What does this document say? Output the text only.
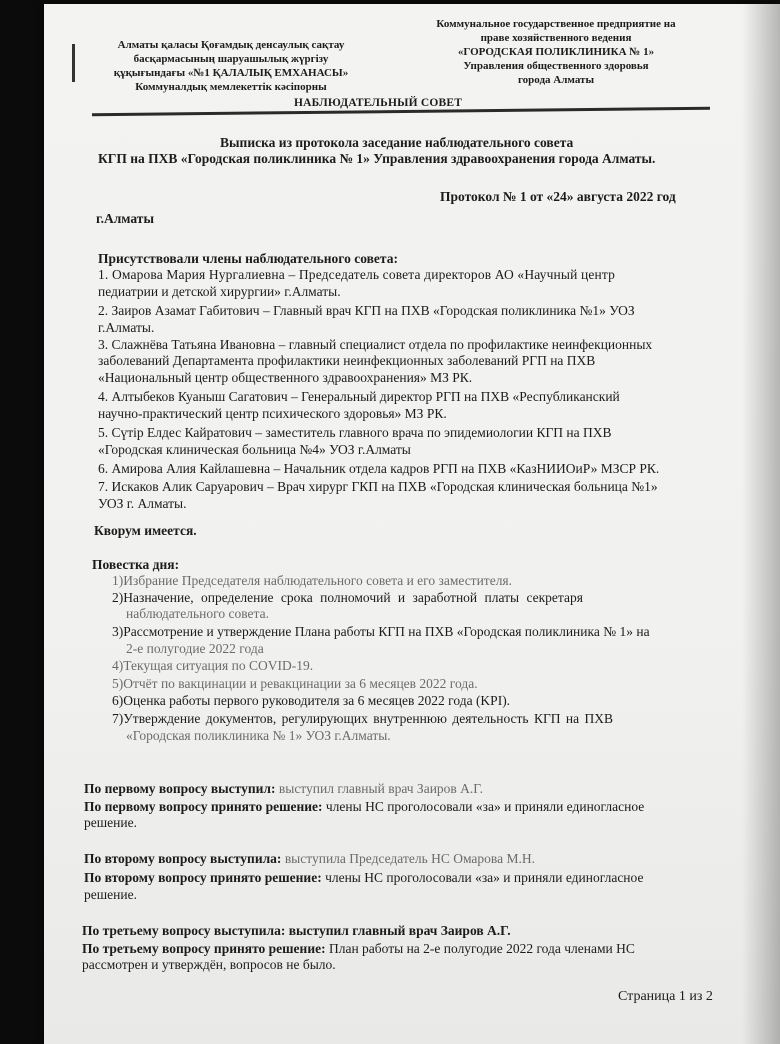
Алматы қаласы Қоғамдық денсаулық сақтау
басқармасының шаруашылық жүргізу
құқығындағы «№1 ҚАЛАЛЫҚ ЕМХАНАСЫ»
Коммуналдық мемлекеттік кәсіпорны
Коммунальное государственное предприятие на
праве хозяйственного ведения
«ГОРОДСКАЯ ПОЛИКЛИНИКА № 1»
Управления общественного здоровья
города Алматы
НАБЛЮДАТЕЛЬНЫЙ СОВЕТ
Выписка из протокола заседание наблюдательного совета
КГП на ПХВ «Городская поликлиника № 1» Управления здравоохранения города Алматы.
Протокол № 1 от «24» августа 2022 год
г.Алматы
Присутствовали члены наблюдательного совета:
1. Омарова Мария Нургалиевна – Председатель совета директоров АО «Научный центр
педиатрии и детской хирургии» г.Алматы.
2. Заиров Азамат Габитович – Главный врач КГП на ПХВ «Городская поликлиника №1» УОЗ
г.Алматы.
3. Слажнёва Татьяна Ивановна – главный специалист отдела по профилактике неинфекционных
заболеваний Департамента профилактики неинфекционных заболеваний РГП на ПХВ
«Национальный центр общественного здравоохранения» МЗ РК.
4. Алтыбеков Куаныш Сагатович – Генеральный директор РГП на ПХВ «Республиканский
научно-практический центр психического здоровья» МЗ РК.
5. Сүтір Елдес Кайратович – заместитель главного врача по эпидемиологии КГП на ПХВ
«Городская клиническая больница №4» УОЗ г.Алматы
6. Амирова Алия Кайлашевна – Начальник отдела кадров РГП на ПХВ «КазНИИОиР» МЗСР РК.
7. Искаков Алик Саруарович – Врач хирург ГКП на ПХВ «Городская клиническая больница №1»
УОЗ г. Алматы.
Кворум имеется.
Повестка дня:
1)Избрание Председателя наблюдательного совета и его заместителя.
2)Назначение, определение срока полномочий и заработной платы секретаря
наблюдательного совета.
3)Рассмотрение и утверждение Плана работы КГП на ПХВ «Городская поликлиника № 1» на
2-е полугодие 2022 года
4)Текущая ситуация по COVID-19.
5)Отчёт по вакцинации и ревакцинации за 6 месяцев 2022 года.
6)Оценка работы первого руководителя за 6 месяцев 2022 года (KPI).
7)Утверждение документов, регулирующих внутреннюю деятельность КГП на ПХВ
«Городская поликлиника № 1» УОЗ г.Алматы.
По первому вопросу выступил: выступил главный врач Заиров А.Г.
По первому вопросу принято решение: члены НС проголосовали «за» и приняли единогласное
решение.
По второму вопросу выступила: выступила Председатель НС Омарова М.Н.
По второму вопросу принято решение: члены НС проголосовали «за» и приняли единогласное
решение.
По третьему вопросу выступила: выступил главный врач Заиров А.Г.
По третьему вопросу принято решение: План работы на 2-е полугодие 2022 года членами НС
рассмотрен и утверждён, вопросов не было.
Страница 1 из 2
